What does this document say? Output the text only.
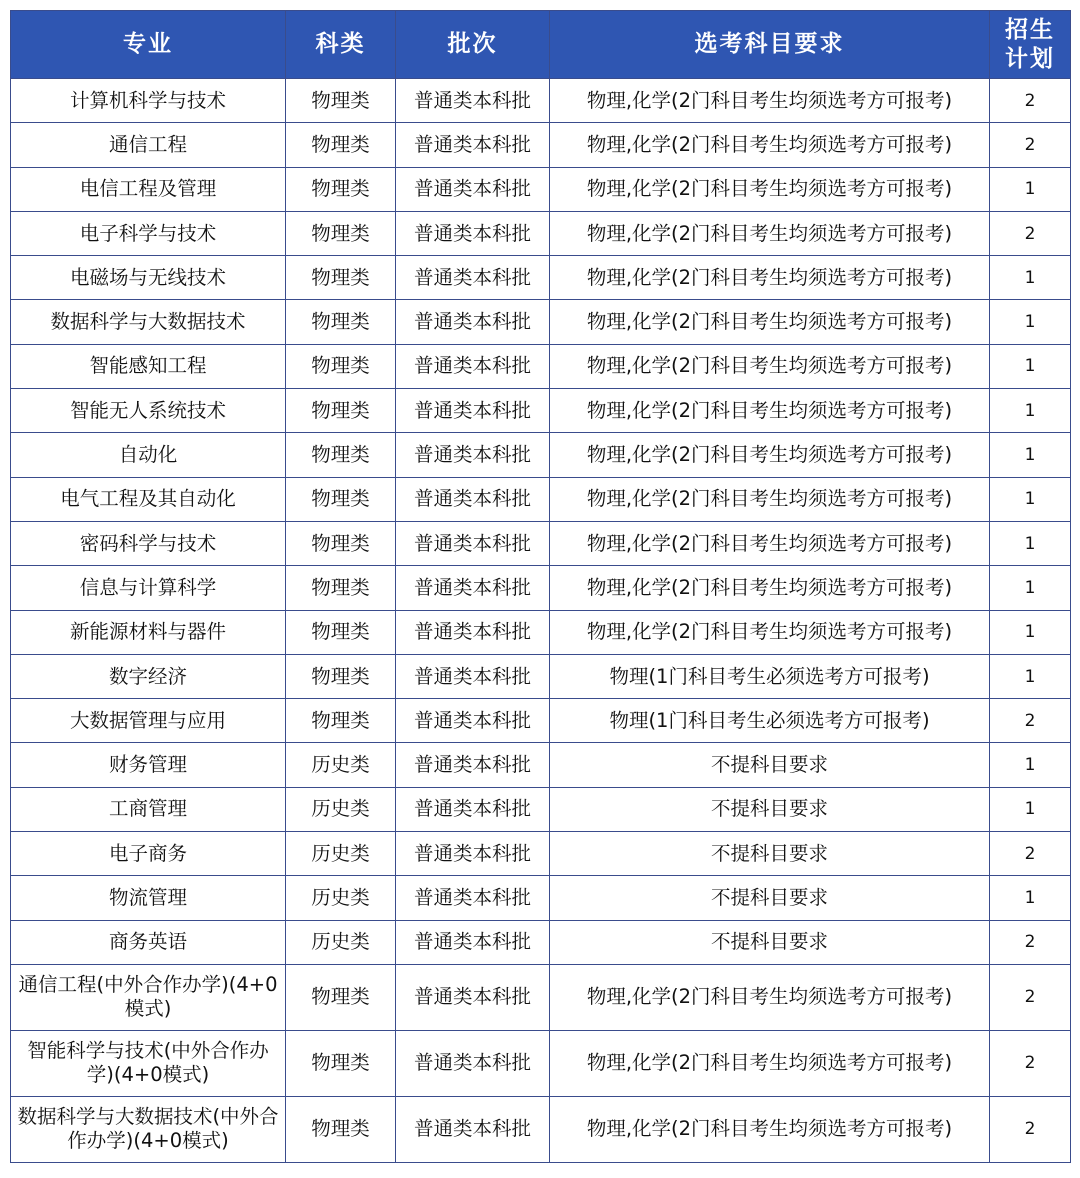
专业	科类	批次	选考科目要求	招生
计划

计算机科学与技术	物理类	普通类本科批	物理,化学(2门科目考生均须选考方可报考)	2
通信工程	物理类	普通类本科批	物理,化学(2门科目考生均须选考方可报考)	2
电信工程及管理	物理类	普通类本科批	物理,化学(2门科目考生均须选考方可报考)	1
电子科学与技术	物理类	普通类本科批	物理,化学(2门科目考生均须选考方可报考)	2
电磁场与无线技术	物理类	普通类本科批	物理,化学(2门科目考生均须选考方可报考)	1
数据科学与大数据技术	物理类	普通类本科批	物理,化学(2门科目考生均须选考方可报考)	1
智能感知工程	物理类	普通类本科批	物理,化学(2门科目考生均须选考方可报考)	1
智能无人系统技术	物理类	普通类本科批	物理,化学(2门科目考生均须选考方可报考)	1
自动化	物理类	普通类本科批	物理,化学(2门科目考生均须选考方可报考)	1
电气工程及其自动化	物理类	普通类本科批	物理,化学(2门科目考生均须选考方可报考)	1
密码科学与技术	物理类	普通类本科批	物理,化学(2门科目考生均须选考方可报考)	1
信息与计算科学	物理类	普通类本科批	物理,化学(2门科目考生均须选考方可报考)	1
新能源材料与器件	物理类	普通类本科批	物理,化学(2门科目考生均须选考方可报考)	1
数字经济	物理类	普通类本科批	物理(1门科目考生必须选考方可报考)	1
大数据管理与应用	物理类	普通类本科批	物理(1门科目考生必须选考方可报考)	2
财务管理	历史类	普通类本科批	不提科目要求	1
工商管理	历史类	普通类本科批	不提科目要求	1
电子商务	历史类	普通类本科批	不提科目要求	2
物流管理	历史类	普通类本科批	不提科目要求	1
商务英语	历史类	普通类本科批	不提科目要求	2
通信工程(中外合作办学)(4+0模式)	物理类	普通类本科批	物理,化学(2门科目考生均须选考方可报考)	2
智能科学与技术(中外合作办学)(4+0模式)	物理类	普通类本科批	物理,化学(2门科目考生均须选考方可报考)	2
数据科学与大数据技术(中外合作办学)(4+0模式)	物理类	普通类本科批	物理,化学(2门科目考生均须选考方可报考)	2
